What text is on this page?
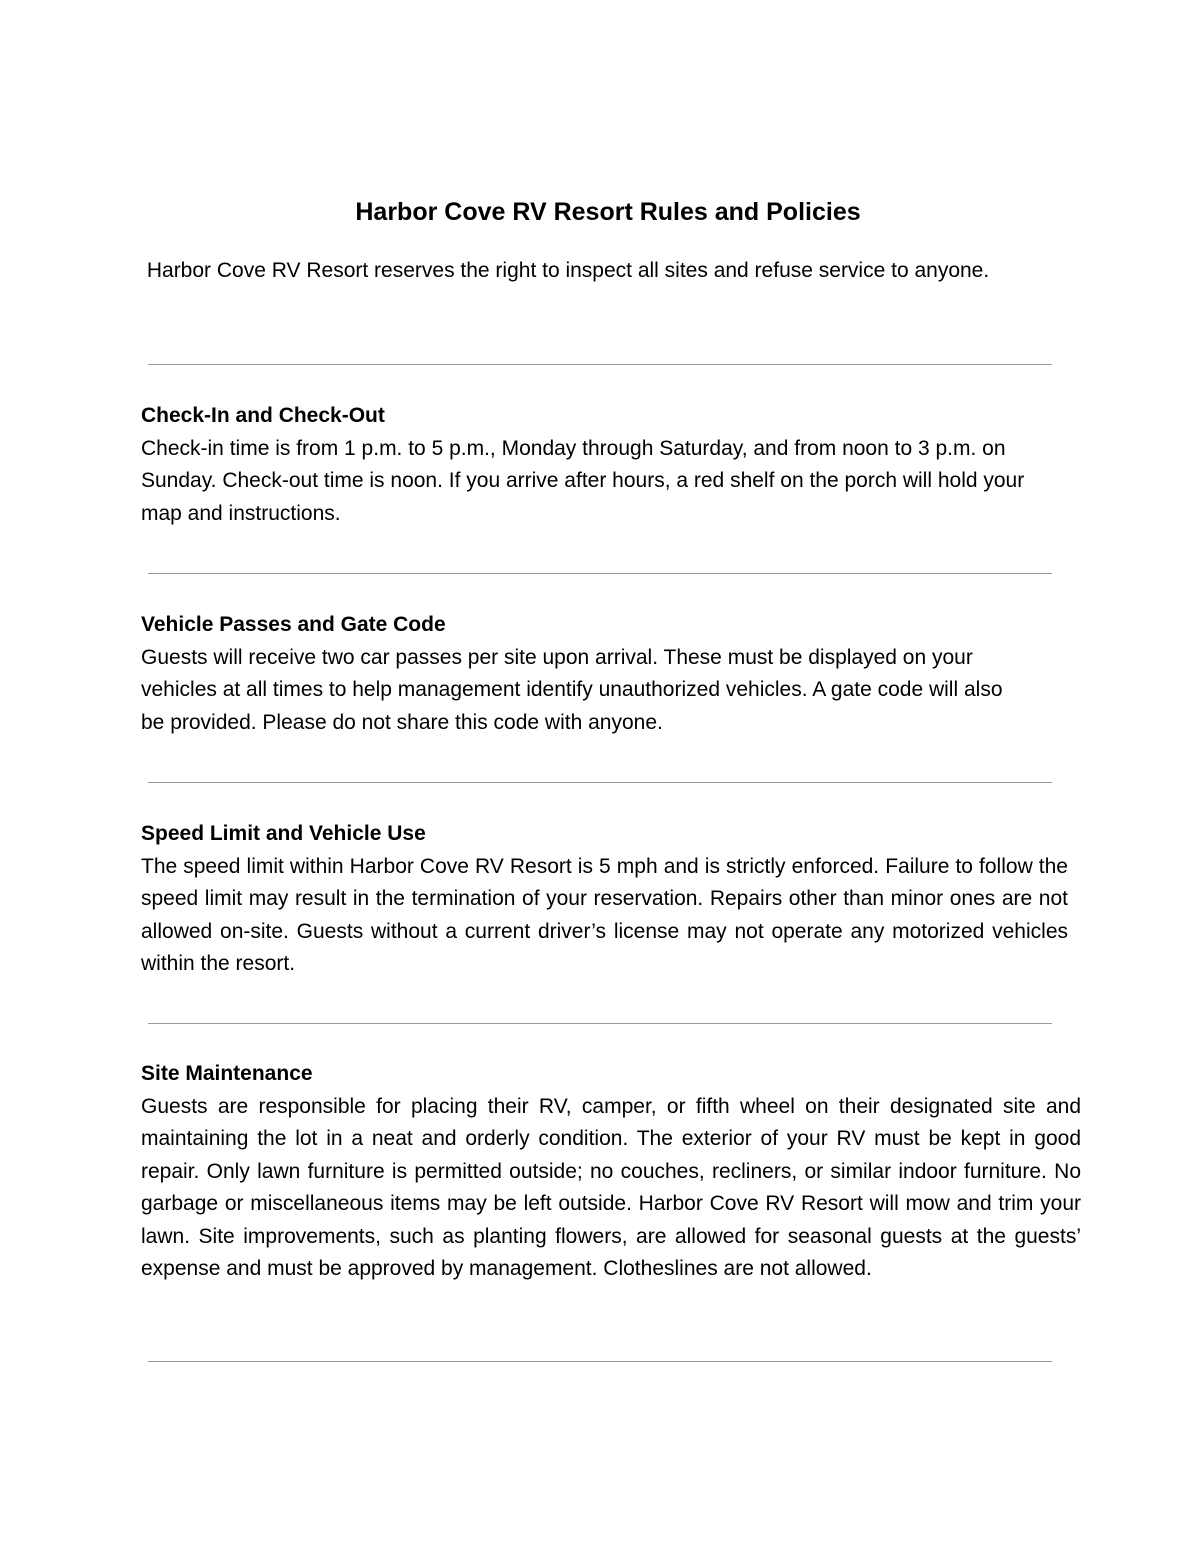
Harbor Cove RV Resort Rules and Policies

Harbor Cove RV Resort reserves the right to inspect all sites and refuse service to anyone.

Check-In and Check-Out

Check-in time is from 1 p.m. to 5 p.m., Monday through Saturday, and from noon to 3 p.m. on Sunday. Check-out time is noon. If you arrive after hours, a red shelf on the porch will hold your map and instructions.

Vehicle Passes and Gate Code

Guests will receive two car passes per site upon arrival. These must be displayed on your vehicles at all times to help management identify unauthorized vehicles. A gate code will also be provided. Please do not share this code with anyone.

Speed Limit and Vehicle Use

The speed limit within Harbor Cove RV Resort is 5 mph and is strictly enforced. Failure to follow the speed limit may result in the termination of your reservation. Repairs other than minor ones are not allowed on-site. Guests without a current driver’s license may not operate any motorized vehicles within the resort.

Site Maintenance

Guests are responsible for placing their RV, camper, or fifth wheel on their designated site and maintaining the lot in a neat and orderly condition. The exterior of your RV must be kept in good repair. Only lawn furniture is permitted outside; no couches, recliners, or similar indoor furniture. No garbage or miscellaneous items may be left outside. Harbor Cove RV Resort will mow and trim your lawn. Site improvements, such as planting flowers, are allowed for seasonal guests at the guests’ expense and must be approved by management. Clotheslines are not allowed.
